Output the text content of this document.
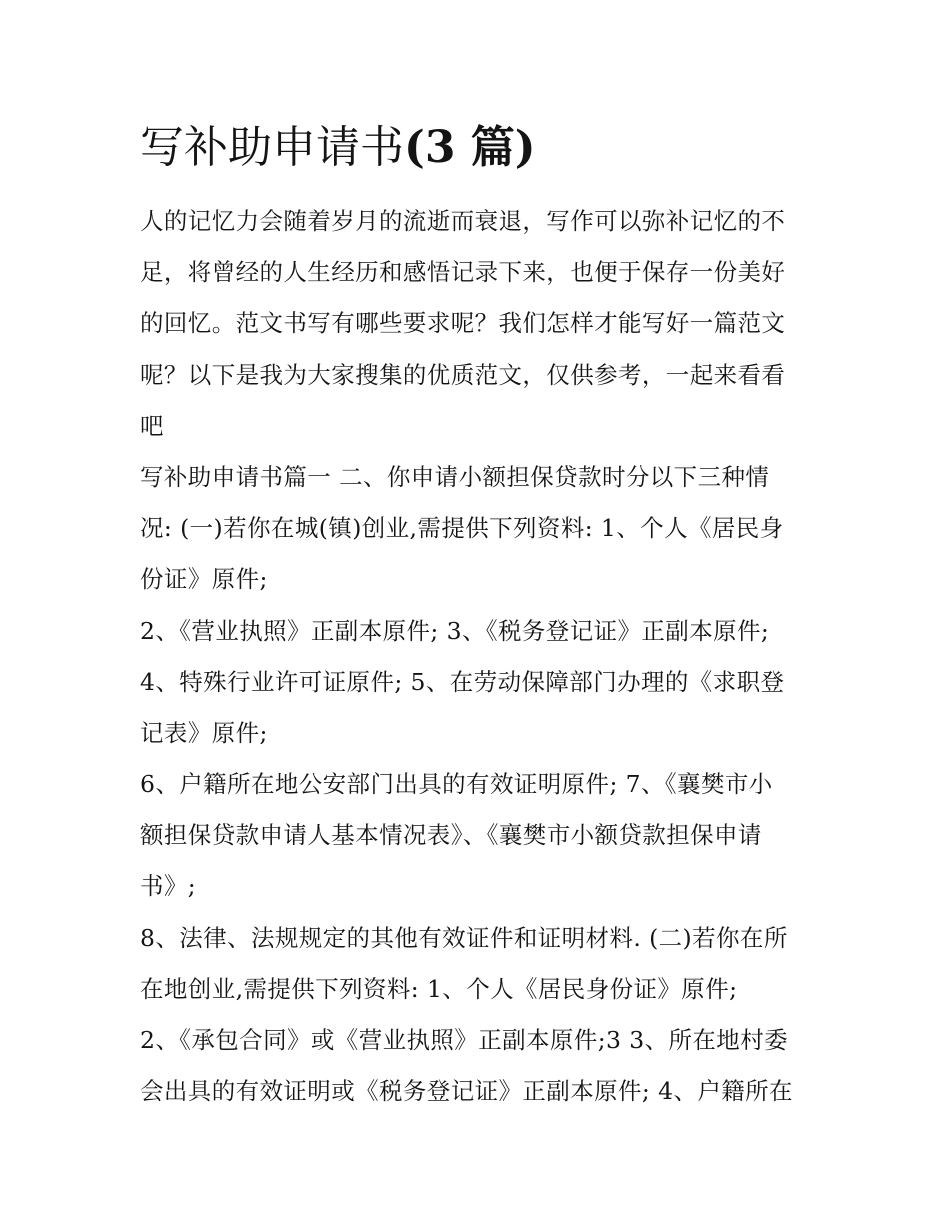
写补助申请书(3 篇)
人的记忆力会随着岁月的流逝而衰退，写作可以弥补记忆的不
足，将曾经的人生经历和感悟记录下来，也便于保存一份美好
的回忆。范文书写有哪些要求呢？我们怎样才能写好一篇范文
呢？以下是我为大家搜集的优质范文，仅供参考，一起来看看
吧
写补助申请书篇一 二、你申请小额担保贷款时分以下三种情
况: (一)若你在城(镇)创业,需提供下列资料: 1、个人《居民身
份证》原件;
2、《营业执照》正副本原件; 3、《税务登记证》正副本原件;
4、特殊行业许可证原件; 5、在劳动保障部门办理的《求职登
记表》原件;
6、户籍所在地公安部门出具的有效证明原件; 7、《襄樊市小
额担保贷款申请人基本情况表》、《襄樊市小额贷款担保申请
书》;
8、法律、法规规定的其他有效证件和证明材料. (二)若你在所
在地创业,需提供下列资料: 1、个人《居民身份证》原件;
2、《承包合同》或《营业执照》正副本原件;3 3、所在地村委
会出具的有效证明或《税务登记证》正副本原件; 4、户籍所在
